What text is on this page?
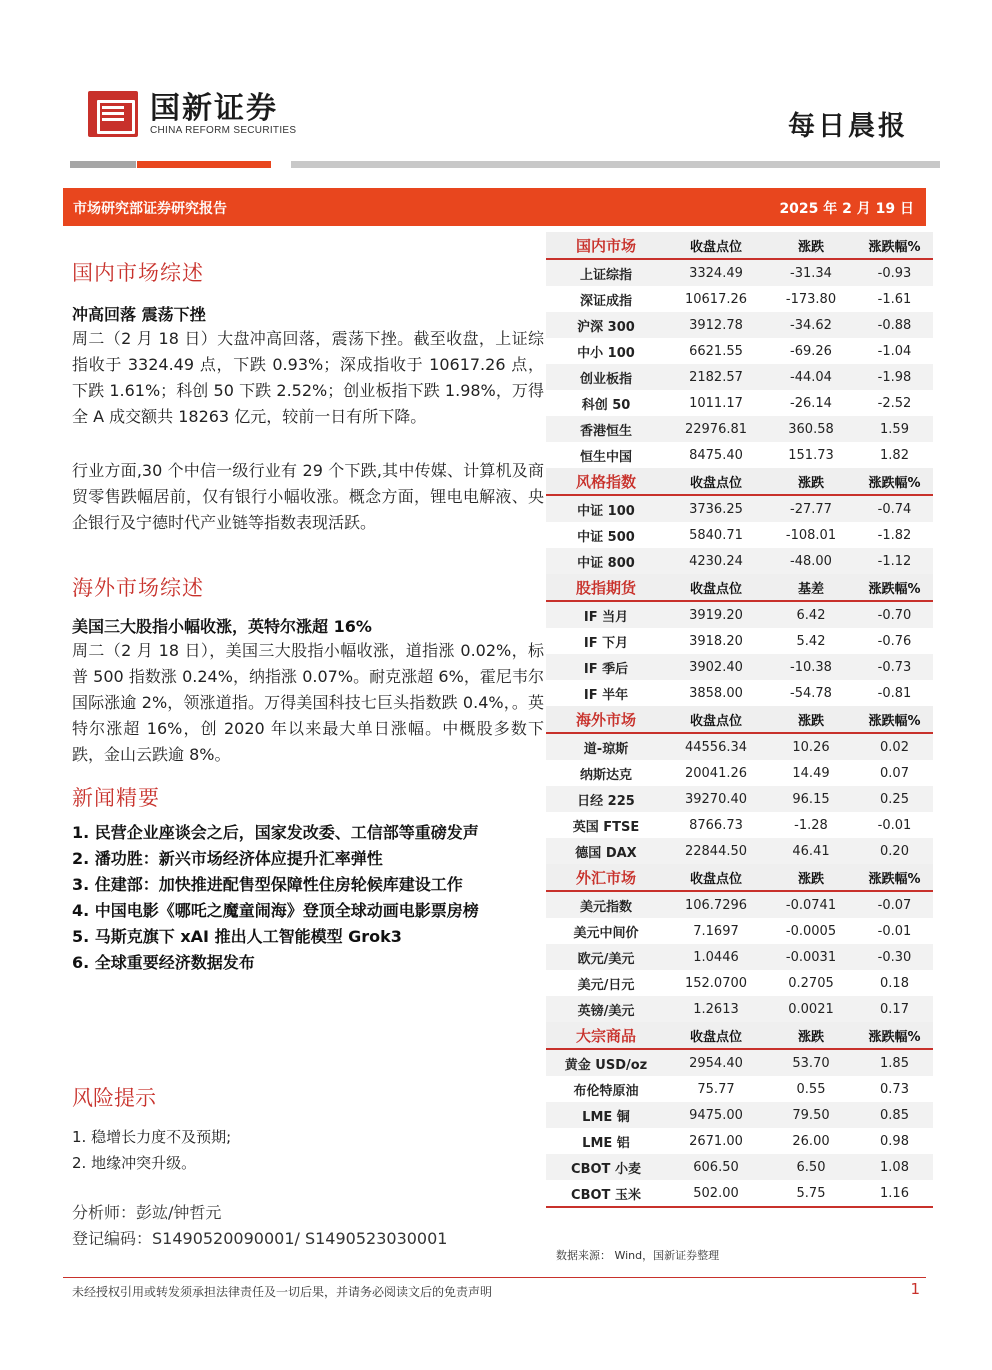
国新证券
CHINA REFORM SECURITIES	每日晨报
市场研究部证券研究报告	2025 年 2 月 19 日
国内市场综述
冲高回落 震荡下挫
周二（2 月 18 日）大盘冲高回落，震荡下挫。截至收盘，上证综指收于 3324.49 点，下跌 0.93%；深成指收于 10617.26 点，下跌 1.61%；科创 50 下跌 2.52%；创业板指下跌 1.98%，万得全 A 成交额共 18263 亿元，较前一日有所下降。
行业方面,30 个中信一级行业有 29 个下跌,其中传媒、计算机及商贸零售跌幅居前，仅有银行小幅收涨。概念方面，锂电电解液、央企银行及宁德时代产业链等指数表现活跃。
海外市场综述
美国三大股指小幅收涨，英特尔涨超 16%
周二（2 月 18 日），美国三大股指小幅收涨，道指涨 0.02%，标普 500 指数涨 0.24%，纳指涨 0.07%。耐克涨超 6%，霍尼韦尔国际涨逾 2%，领涨道指。万得美国科技七巨头指数跌 0.4%，。英特尔涨超 16%，创 2020 年以来最大单日涨幅。中概股多数下跌，金山云跌逾 8%。
新闻精要
1. 民营企业座谈会之后，国家发改委、工信部等重磅发声
2. 潘功胜：新兴市场经济体应提升汇率弹性
3. 住建部：加快推进配售型保障性住房轮候库建设工作
4. 中国电影《哪吒之魔童闹海》登顶全球动画电影票房榜
5. 马斯克旗下 xAI 推出人工智能模型 Grok3
6. 全球重要经济数据发布
风险提示
1. 稳增长力度不及预期;
2. 地缘冲突升级。
分析师：彭竑/钟哲元
登记编码：S1490520090001/ S1490523030001
国内市场	收盘点位	涨跌	涨跌幅%
上证综指	3324.49	-31.34	-0.93
深证成指	10617.26	-173.80	-1.61
沪深 300	3912.78	-34.62	-0.88
中小 100	6621.55	-69.26	-1.04
创业板指	2182.57	-44.04	-1.98
科创 50	1011.17	-26.14	-2.52
香港恒生	22976.81	360.58	1.59
恒生中国	8475.40	151.73	1.82
风格指数	收盘点位	涨跌	涨跌幅%
中证 100	3736.25	-27.77	-0.74
中证 500	5840.71	-108.01	-1.82
中证 800	4230.24	-48.00	-1.12
股指期货	收盘点位	基差	涨跌幅%
IF 当月	3919.20	6.42	-0.70
IF 下月	3918.20	5.42	-0.76
IF 季后	3902.40	-10.38	-0.73
IF 半年	3858.00	-54.78	-0.81
海外市场	收盘点位	涨跌	涨跌幅%
道-琼斯	44556.34	10.26	0.02
纳斯达克	20041.26	14.49	0.07
日经 225	39270.40	96.15	0.25
英国 FTSE	8766.73	-1.28	-0.01
德国 DAX	22844.50	46.41	0.20
外汇市场	收盘点位	涨跌	涨跌幅%
美元指数	106.7296	-0.0741	-0.07
美元中间价	7.1697	-0.0005	-0.01
欧元/美元	1.0446	-0.0031	-0.30
美元/日元	152.0700	0.2705	0.18
英镑/美元	1.2613	0.0021	0.17
大宗商品	收盘点位	涨跌	涨跌幅%
黄金 USD/oz	2954.40	53.70	1.85
布伦特原油	75.77	0.55	0.73
LME 铜	9475.00	79.50	0.85
LME 铝	2671.00	26.00	0.98
CBOT 小麦	606.50	6.50	1.08
CBOT 玉米	502.00	5.75	1.16
数据来源： Wind，国新证券整理
未经授权引用或转发须承担法律责任及一切后果，并请务必阅读文后的免责声明	1
